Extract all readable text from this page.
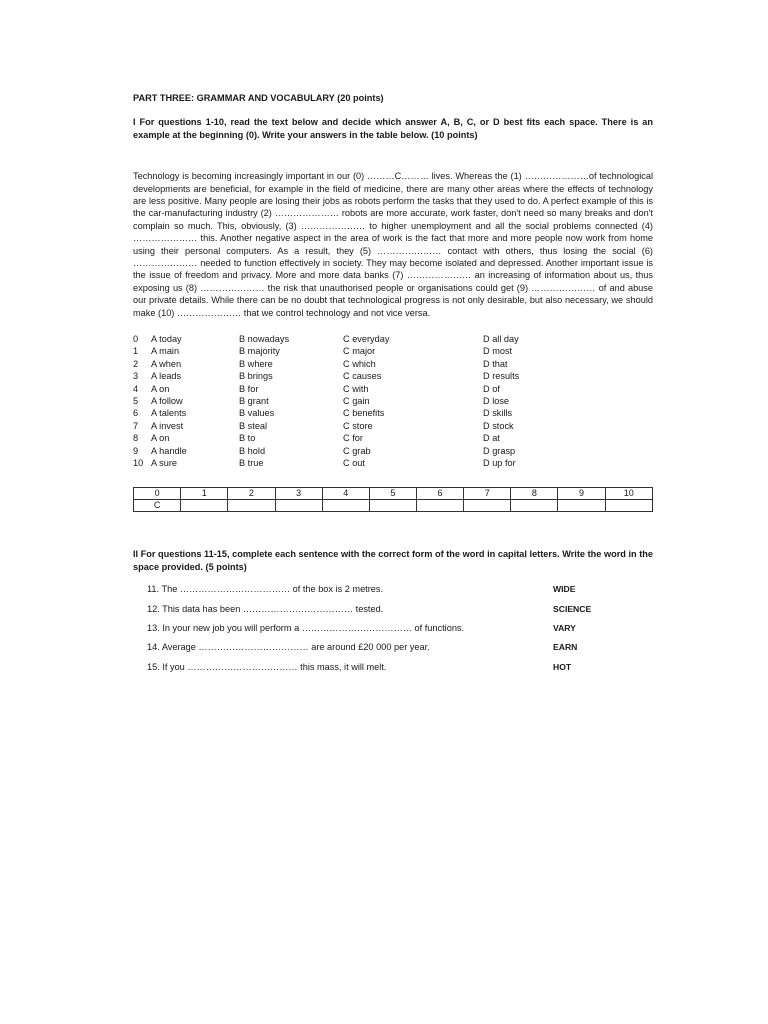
PART THREE: GRAMMAR AND VOCABULARY (20 points)

I For questions 1-10, read the text below and decide which answer A, B, C, or D best fits each space. There is an example at the beginning (0). Write your answers in the table below. (10 points)
Technology is becoming increasingly important in our (0) ………C……… lives. Whereas the (1) …………………of technological developments are beneficial, for example in the field of medicine, there are many other areas where the effects of technology are less positive. Many people are losing their jobs as robots perform the tasks that they used to do. A perfect example of this is the car-manufacturing industry (2) ………………… robots are more accurate, work faster, don't need so many breaks and don't complain so much. This, obviously, (3) ………………… to higher unemployment and all the social problems connected (4) ………………… this. Another negative aspect in the area of work is the fact that more and more people now work from home using their personal computers. As a result, they (5) ………………… contact with others, thus losing the social (6) ………………… needed to function effectively in society. They may become isolated and depressed. Another important issue is the issue of freedom and privacy. More and more data banks (7) ………………… an increasing of information about us, thus exposing us (8) ………………… the risk that unauthorised people or organisations could get (9) ………………… of and abuse our private details. While there can be no doubt that technological progress is not only desirable, but also necessary, we should make (10) ………………… that we control technology and not vice versa.
0	A today	B nowadays	C everyday	D all day
1	A main	B majority	C major	D most
2	A when	B where	C which	D that
3	A leads	B brings	C causes	D results
4	A on	B for	C with	D of
5	A follow	B grant	C gain	D lose
6	A talents	B values	C benefits	D skills
7	A invest	B steal	C store	D stock
8	A on	B to	C for	D at
9	A handle	B hold	C grab	D grasp
10 A sure	B true	C out	D up for
0	1	2	3	4	5	6	7	8	9	10
C										
II For questions 11-15, complete each sentence with the correct form of the word in capital letters. Write the word in the space provided. (5 points)
11. The ……………………………… of the box is 2 metres.	WIDE
12. This data has been ……………………………… tested.	SCIENCE
13. In your new job you will perform a ……………………………… of functions.	VARY
14. Average ……………………………… are around £20 000 per year.	EARN
15. If you ……………………………… this mass, it will melt.	HOT
